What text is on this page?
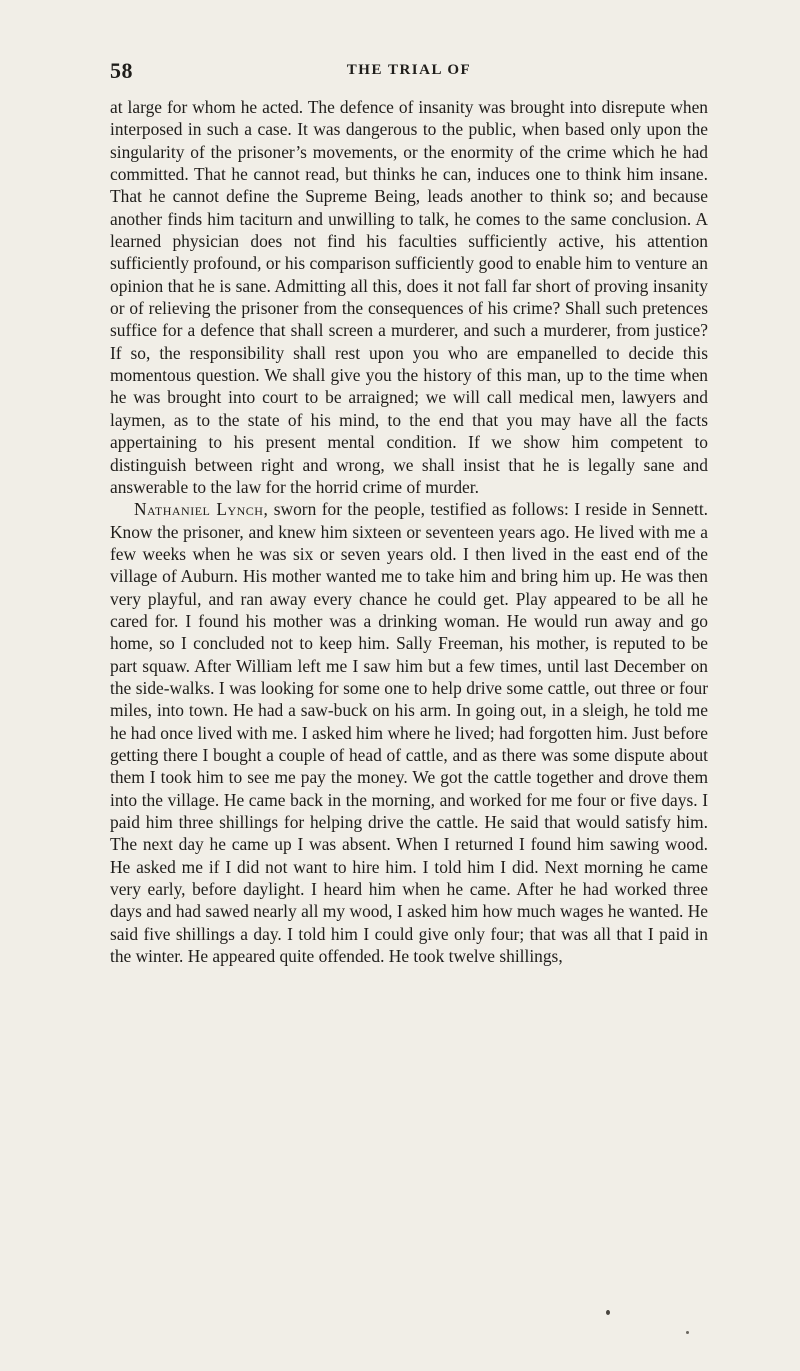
58	THE TRIAL OF

at large for whom he acted. The defence of insanity was brought into disrepute when interposed in such a case. It was dangerous to the public, when based only upon the singularity of the prisoner’s movements, or the enormity of the crime which he had committed. That he cannot read, but thinks he can, induces one to think him insane. That he cannot define the Supreme Being, leads another to think so; and because another finds him taciturn and unwilling to talk, he comes to the same conclusion. A learned physician does not find his faculties sufficiently active, his attention sufficiently profound, or his comparison sufficiently good to enable him to venture an opinion that he is sane. Admitting all this, does it not fall far short of proving insanity or of relieving the prisoner from the consequences of his crime? Shall such pretences suffice for a defence that shall screen a murderer, and such a murderer, from justice? If so, the responsibility shall rest upon you who are empanelled to decide this momentous question. We shall give you the history of this man, up to the time when he was brought into court to be arraigned; we will call medical men, lawyers and laymen, as to the state of his mind, to the end that you may have all the facts appertaining to his present mental condition. If we show him competent to distinguish between right and wrong, we shall insist that he is legally sane and answerable to the law for the horrid crime of murder.

Nathaniel Lynch, sworn for the people, testified as follows: I reside in Sennett. Know the prisoner, and knew him sixteen or seventeen years ago. He lived with me a few weeks when he was six or seven years old. I then lived in the east end of the village of Auburn. His mother wanted me to take him and bring him up. He was then very playful, and ran away every chance he could get. Play appeared to be all he cared for. I found his mother was a drinking woman. He would run away and go home, so I concluded not to keep him. Sally Freeman, his mother, is reputed to be part squaw. After William left me I saw him but a few times, until last December on the side-walks. I was looking for some one to help drive some cattle, out three or four miles, into town. He had a saw-buck on his arm. In going out, in a sleigh, he told me he had once lived with me. I asked him where he lived; had forgotten him. Just before getting there I bought a couple of head of cattle, and as there was some dispute about them I took him to see me pay the money. We got the cattle together and drove them into the village. He came back in the morning, and worked for me four or five days. I paid him three shillings for helping drive the cattle. He said that would satisfy him. The next day he came up I was absent. When I returned I found him sawing wood. He asked me if I did not want to hire him. I told him I did. Next morning he came very early, before daylight. I heard him when he came. After he had worked three days and had sawed nearly all my wood, I asked him how much wages he wanted. He said five shillings a day. I told him I could give only four; that was all that I paid in the winter. He appeared quite offended. He took twelve shillings,
